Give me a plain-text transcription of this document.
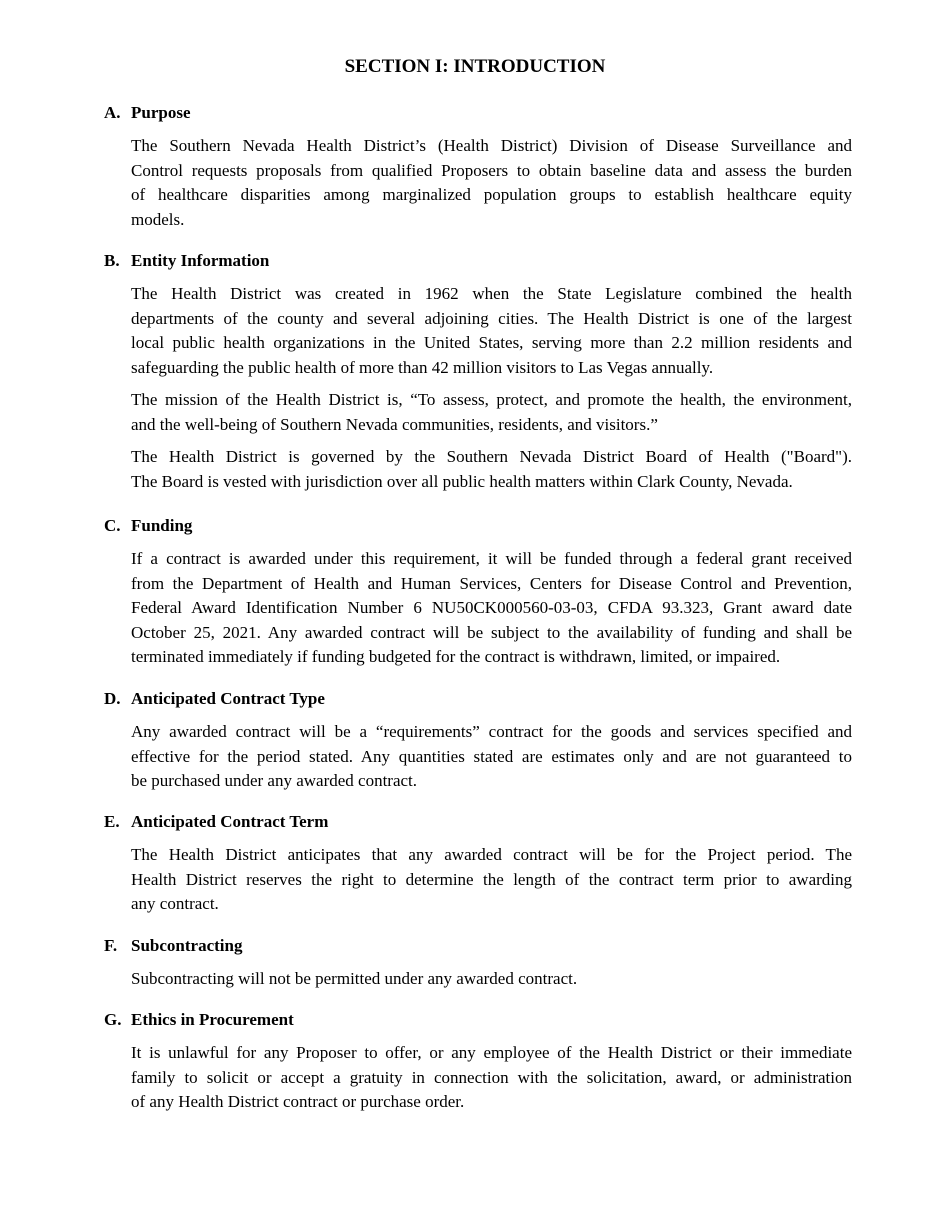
SECTION I: INTRODUCTION
A. Purpose
The Southern Nevada Health District’s (Health District) Division of Disease Surveillance and
Control requests proposals from qualified Proposers to obtain baseline data and assess the burden
of healthcare disparities among marginalized population groups to establish healthcare equity
models.
B. Entity Information
The Health District was created in 1962 when the State Legislature combined the health
departments of the county and several adjoining cities. The Health District is one of the largest
local public health organizations in the United States, serving more than 2.2 million residents and
safeguarding the public health of more than 42 million visitors to Las Vegas annually.
The mission of the Health District is, “To assess, protect, and promote the health, the environment,
and the well-being of Southern Nevada communities, residents, and visitors.”
The Health District is governed by the Southern Nevada District Board of Health ("Board").
The Board is vested with jurisdiction over all public health matters within Clark County, Nevada.
C. Funding
If a contract is awarded under this requirement, it will be funded through a federal grant received
from the Department of Health and Human Services, Centers for Disease Control and Prevention,
Federal Award Identification Number 6 NU50CK000560-03-03, CFDA 93.323, Grant award date
October 25, 2021. Any awarded contract will be subject to the availability of funding and shall be
terminated immediately if funding budgeted for the contract is withdrawn, limited, or impaired.
D. Anticipated Contract Type
Any awarded contract will be a “requirements” contract for the goods and services specified and
effective for the period stated. Any quantities stated are estimates only and are not guaranteed to
be purchased under any awarded contract.
E. Anticipated Contract Term
The Health District anticipates that any awarded contract will be for the Project period. The
Health District reserves the right to determine the length of the contract term prior to awarding
any contract.
F. Subcontracting
Subcontracting will not be permitted under any awarded contract.
G. Ethics in Procurement
It is unlawful for any Proposer to offer, or any employee of the Health District or their immediate
family to solicit or accept a gratuity in connection with the solicitation, award, or administration
of any Health District contract or purchase order.
